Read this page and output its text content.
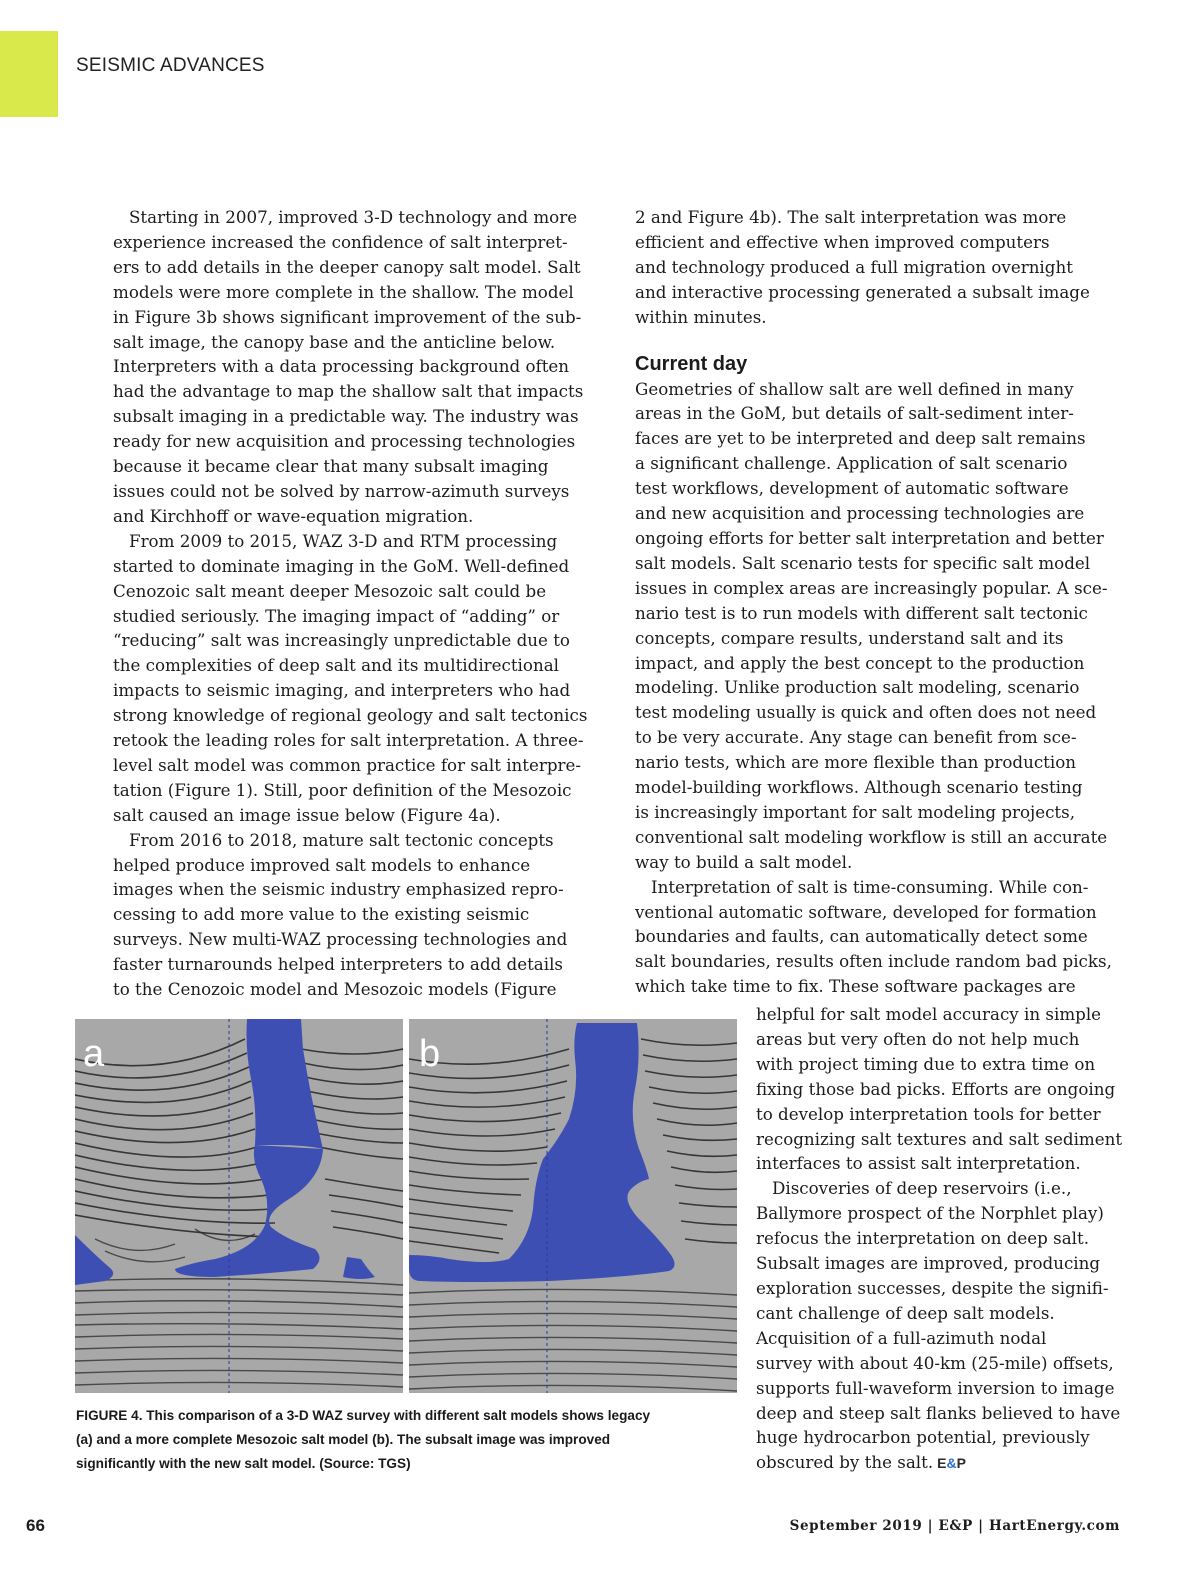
SEISMIC ADVANCES

Starting in 2007, improved 3-D technology and more
experience increased the confidence of salt interpret-
ers to add details in the deeper canopy salt model. Salt
models were more complete in the shallow. The model
in Figure 3b shows significant improvement of the sub-
salt image, the canopy base and the anticline below.
Interpreters with a data processing background often
had the advantage to map the shallow salt that impacts
subsalt imaging in a predictable way. The industry was
ready for new acquisition and processing technologies
because it became clear that many subsalt imaging
issues could not be solved by narrow-azimuth surveys
and Kirchhoff or wave-equation migration.

From 2009 to 2015, WAZ 3-D and RTM processing
started to dominate imaging in the GoM. Well-defined
Cenozoic salt meant deeper Mesozoic salt could be
studied seriously. The imaging impact of “adding” or
“reducing” salt was increasingly unpredictable due to
the complexities of deep salt and its multidirectional
impacts to seismic imaging, and interpreters who had
strong knowledge of regional geology and salt tectonics
retook the leading roles for salt interpretation. A three-
level salt model was common practice for salt interpre-
tation (Figure 1). Still, poor definition of the Mesozoic
salt caused an image issue below (Figure 4a).

From 2016 to 2018, mature salt tectonic concepts
helped produce improved salt models to enhance
images when the seismic industry emphasized repro-
cessing to add more value to the existing seismic
surveys. New multi-WAZ processing technologies and
faster turnarounds helped interpreters to add details
to the Cenozoic model and Mesozoic models (Figure

2 and Figure 4b). The salt interpretation was more
efficient and effective when improved computers
and technology produced a full migration overnight
and interactive processing generated a subsalt image
within minutes.

Current day

Geometries of shallow salt are well defined in many
areas in the GoM, but details of salt-sediment inter-
faces are yet to be interpreted and deep salt remains
a significant challenge. Application of salt scenario
test workflows, development of automatic software
and new acquisition and processing technologies are
ongoing efforts for better salt interpretation and better
salt models. Salt scenario tests for specific salt model
issues in complex areas are increasingly popular. A sce-
nario test is to run models with different salt tectonic
concepts, compare results, understand salt and its
impact, and apply the best concept to the production
modeling. Unlike production salt modeling, scenario
test modeling usually is quick and often does not need
to be very accurate. Any stage can benefit from sce-
nario tests, which are more flexible than production
model-building workflows. Although scenario testing
is increasingly important for salt modeling projects,
conventional salt modeling workflow is still an accurate
way to build a salt model.

Interpretation of salt is time-consuming. While con-
ventional automatic software, developed for formation
boundaries and faults, can automatically detect some
salt boundaries, results often include random bad picks,
which take time to fix. These software packages are

helpful for salt model accuracy in simple
areas but very often do not help much
with project timing due to extra time on
fixing those bad picks. Efforts are ongoing
to develop interpretation tools for better
recognizing salt textures and salt sediment
interfaces to assist salt interpretation.

Discoveries of deep reservoirs (i.e.,
Ballymore prospect of the Norphlet play)
refocus the interpretation on deep salt.
Subsalt images are improved, producing
exploration successes, despite the signifi-
cant challenge of deep salt models.
Acquisition of a full-azimuth nodal
survey with about 40-km (25-mile) offsets,
supports full-waveform inversion to image
deep and steep salt flanks believed to have
huge hydrocarbon potential, previously
obscured by the salt. E&P

a	b
FIGURE 4. This comparison of a 3-D WAZ survey with different salt models shows legacy
(a) and a more complete Mesozoic salt model (b). The subsalt image was improved
significantly with the new salt model. (Source: TGS)
66	September 2019 | E&P | HartEnergy.com
